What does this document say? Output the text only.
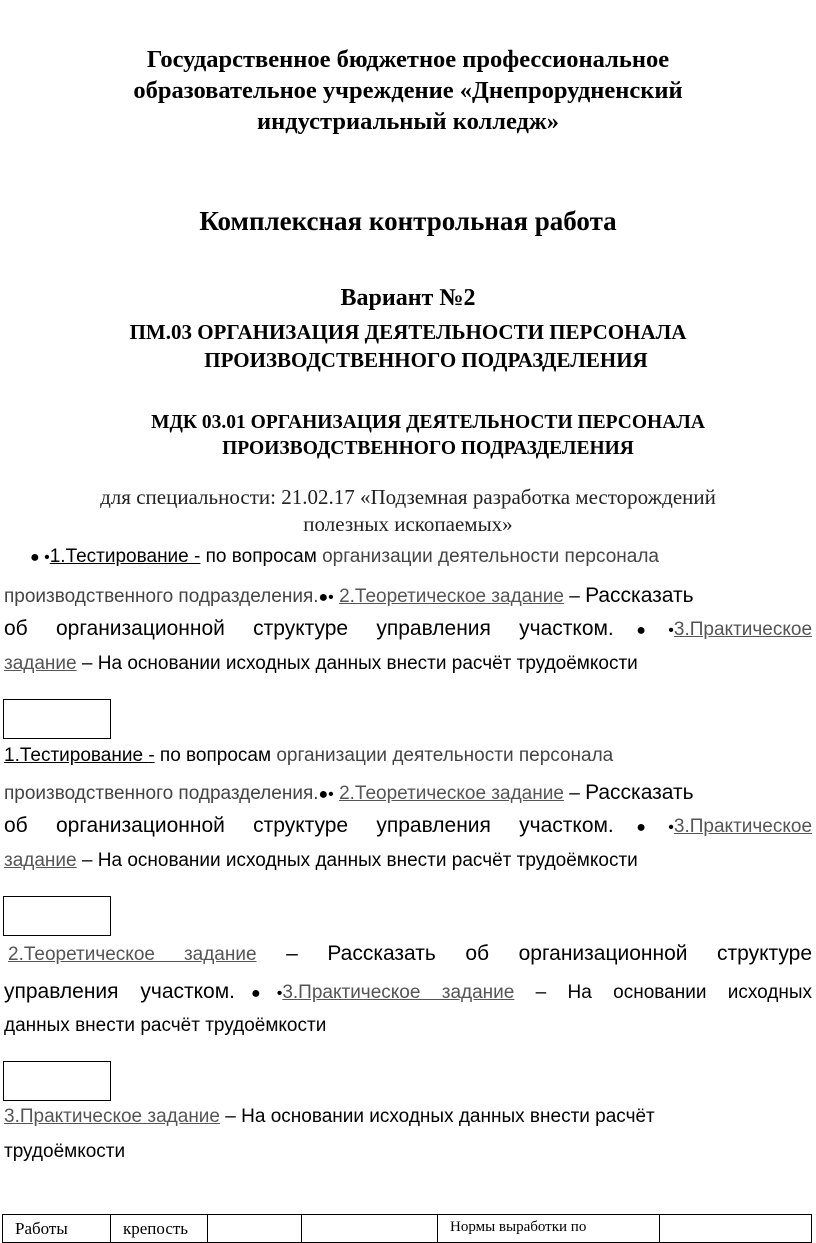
Государственное бюджетное профессиональное
образовательное учреждение «Днепрорудненский
индустриальный колледж»
Комплексная контрольная работа
Вариант №2
ПМ.03 ОРГАНИЗАЦИЯ ДЕЯТЕЛЬНОСТИ ПЕРСОНАЛА
ПРОИЗВОДСТВЕННОГО ПОДРАЗДЕЛЕНИЯ
МДК 03.01 ОРГАНИЗАЦИЯ ДЕЯТЕЛЬНОСТИ ПЕРСОНАЛА
ПРОИЗВОДСТВЕННОГО ПОДРАЗДЕЛЕНИЯ
для специальности: 21.02.17 «Подземная разработка месторождений
полезных ископаемых»
● •1.Тестирование - по вопросам организации деятельности персонала
производственного подразделения.●• 2.Теоретическое задание – Рассказать
об организационной структуре управления участком.●•3.Практическое
задание – На основании исходных данных внести расчёт трудоёмкости
1.Тестирование - по вопросам организации деятельности персонала
производственного подразделения.●• 2.Теоретическое задание – Рассказать
об организационной структуре управления участком.●•3.Практическое
задание – На основании исходных данных внести расчёт трудоёмкости
2.Теоретическое задание – Рассказать об организационной структуре
управления участком.●•3.Практическое задание – На основании исходных
данных внести расчёт трудоёмкости
3.Практическое задание – На основании исходных данных внести расчёт
трудоёмкости
Работы	крепость			Нормы выработки по	
